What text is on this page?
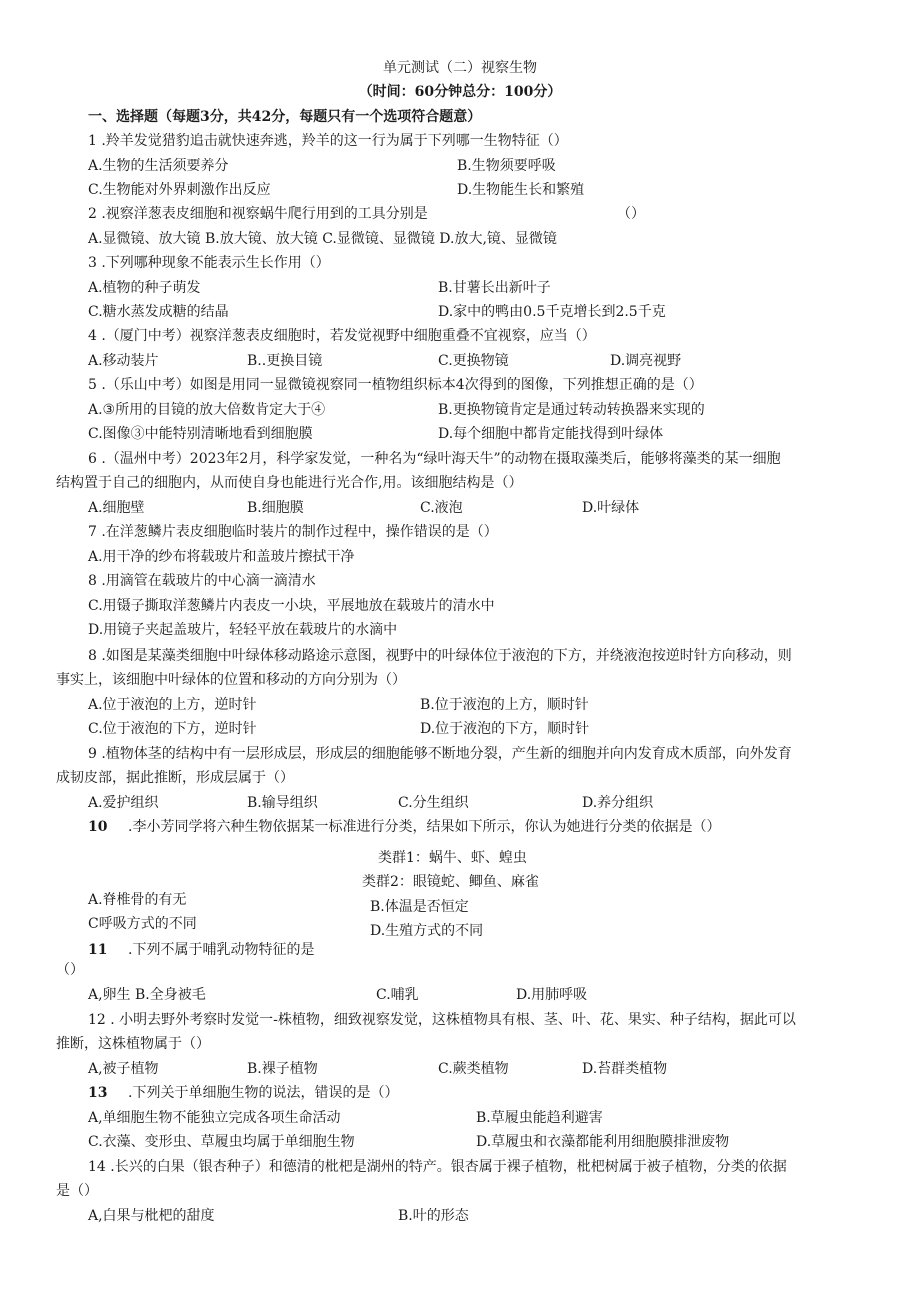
单元测试（二）视察生物
（时间：60分钟总分：100分）
一、选择题（每题3分，共42分，每题只有一个选项符合题意）
1 .羚羊发觉猎豹追击就快速奔逃，羚羊的这一行为属于下列哪一生物特征（）
A.生物的生活须要养分	B.生物须要呼吸
C.生物能对外界刺激作出反应	D.生物能生长和繁殖
2 .视察洋葱表皮细胞和视察蜗牛爬行用到的工具分别是	（）
A.显微镜、放大镜 B.放大镜、放大镜 C.显微镜、显微镜 D.放大,镜、显微镜
3 .下列哪种现象不能表示生长作用（）
A.植物的种子萌发	B.甘薯长出新叶子
C.糖水蒸发成糖的结晶	D.家中的鸭由0.5千克增长到2.5千克
4 .（厦门中考）视察洋葱表皮细胞时，若发觉视野中细胞重叠不宜视察，应当（）
A.移动装片	B..更换目镜	C.更换物镜	D.调亮视野
5 .（乐山中考）如图是用同一显微镜视察同一植物组织标本4次得到的图像，下列推想正确的是（）
A.③所用的目镜的放大倍数肯定大于④	B.更换物镜肯定是通过转动转换器来实现的
C.图像③中能特别清晰地看到细胞膜	D.每个细胞中都肯定能找得到叶绿体
6 .（温州中考）2023年2月，科学家发觉，一种名为“绿叶海天牛”的动物在摄取藻类后，能够将藻类的某一细胞
结构置于自己的细胞内，从而使自身也能进行光合作,用。该细胞结构是（）
A.细胞壁	B.细胞膜	C.液泡	D.叶绿体
7 .在洋葱鳞片表皮细胞临时装片的制作过程中，操作错误的是（）
A.用干净的纱布将载玻片和盖玻片擦拭干净
8 .用滴管在载玻片的中心滴一滴清水
C.用镊子撕取洋葱鳞片内表皮一小块，平展地放在载玻片的清水中
D.用镜子夹起盖玻片，轻轻平放在载玻片的水滴中
8 .如图是某藻类细胞中叶绿体移动路途示意图，视野中的叶绿体位于液泡的下方，并绕液泡按逆时针方向移动，则
事实上，该细胞中叶绿体的位置和移动的方向分别为（）
A.位于液泡的上方，逆时针	B.位于液泡的上方，顺时针
C.位于液泡的下方，逆时针	D.位于液泡的下方，顺时针
9 .植物体茎的结构中有一层形成层，形成层的细胞能够不断地分裂，产生新的细胞并向内发育成木质部，向外发育
成韧皮部，据此推断，形成层属于（）
A.爱护组织	B.输导组织	C.分生组织	D.养分组织
10 .李小芳同学将六种生物依据某一标准进行分类，结果如下所示，你认为她进行分类的依据是（）
类群1：蜗牛、虾、蝗虫
类群2：眼镜蛇、鲫鱼、麻雀
A.脊椎骨的有无	B.体温是否恒定
C呼吸方式的不同	D.生殖方式的不同
11 .下列不属于哺乳动物特征的是
（）
A,卵生 B.全身被毛	C.哺乳	D.用肺呼吸
12 . 小明去野外考察时发觉一-株植物，细致视察发觉，这株植物具有根、茎、叶、花、果实、种子结构，据此可以
推断，这株植物属于（）
A,被子植物	B.裸子植物	C.蕨类植物	D.苔群类植物
13 .下列关于单细胞生物的说法，错误的是（）
A,单细胞生物不能独立完成各项生命活动	B.草履虫能趋利避害
C.衣藻、变形虫、草履虫均属于单细胞生物	D.草履虫和衣藻都能利用细胞膜排泄废物
14 .长兴的白果（银杏种子）和德清的枇杷是湖州的特产。银杏属于裸子植物，枇杷树属于被子植物，分类的依据
是（）
A,白果与枇杷的甜度	B.叶的形态
